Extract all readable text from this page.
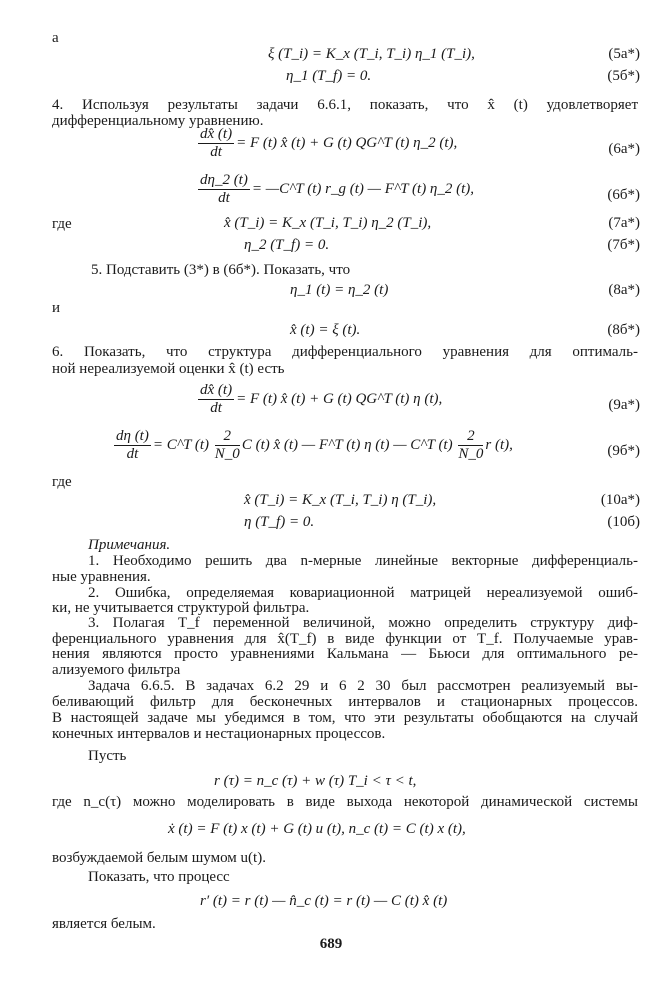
а
ξ (T_i) = K_x (T_i, T_i) η_1 (T_i),	(5а*)
η_1 (T_f) = 0.	(5б*)
4. Используя результаты задачи 6.6.1, показать, что x̂ (t) удовлетворяет
дифференциальному уравнению.
$\frac{dx̂ (t)}{dt} = F$ (t) x̂ (t) + G (t) QG^T (t) η_2 (t),	(6а*)
$\frac{d\eta\_2 (t)}{dt}$ = —C^T (t) r_g (t) — F^T (t) η_2 (t),	(6б*)
где	x̂ (T_i) = K_x (T_i, T_i) η_2 (T_i),	(7а*)
η_2 (T_f) = 0.	(7б*)
5. Подставить (3*) в (6б*). Показать, что
η_1 (t) = η_2 (t)	(8а*)
и
x̂ (t) = ξ (t).	(8б*)
6. Показать, что структура дифференциального уравнения для оптималь-
ной нереализуемой оценки x̂ (t) есть
$\frac{dx̂ (t)}{dt} = F$ (t) x̂ (t) + G (t) QG^T (t) η (t),	(9а*)
$\frac{d\eta (t)}{dt}$ = C^T $(t) \frac{2}{N\_0}$ C (t) x̂ (t) — F^T (t) η (t) — C^T $(t) \frac{2}{N\_0}$ r (t),	(9б*)
где
x̂ (T_i) = K_x (T_i, T_i) η (T_i),	(10а*)
η (T_f) = 0.	(10б)
Примечания.
1. Необходимо решить два n-мерные линейные векторные дифференциаль-
ные уравнения.
2. Ошибка, определяемая ковариационной матрицей нереализуемой ошиб-
ки, не учитывается структурой фильтра.
3. Полагая T_f переменной величиной, можно определить структуру диф-
ференциального уравнения для x̂(T_f) в виде функции от T_f. Получаемые урав-
нения являются просто уравнениями Кальмана — Бьюси для оптимального ре-
ализуемого фильтра
Задача 6.6.5. В задачах 6.2 29 и 6 2 30 был рассмотрен реализуемый вы-
беливающий фильтр для бесконечных интервалов и стационарных процессов.
В настоящей задаче мы убедимся в том, что эти результаты обобщаются на случай
конечных интервалов и нестационарных процессов.
Пусть
r (τ) = n_c (τ) + w (τ) T_i < τ < t,
где n_c(τ) можно моделировать в виде выхода некоторой динамической системы
ẋ (t) = F (t) x (t) + G (t) u (t), n_c (t) = C (t) x (t),
возбуждаемой белым шумом u(t).
Показать, что процесс
r′ (t) = r (t) — n̂_c (t) = r (t) — C (t) x̂ (t)
является белым.
689
